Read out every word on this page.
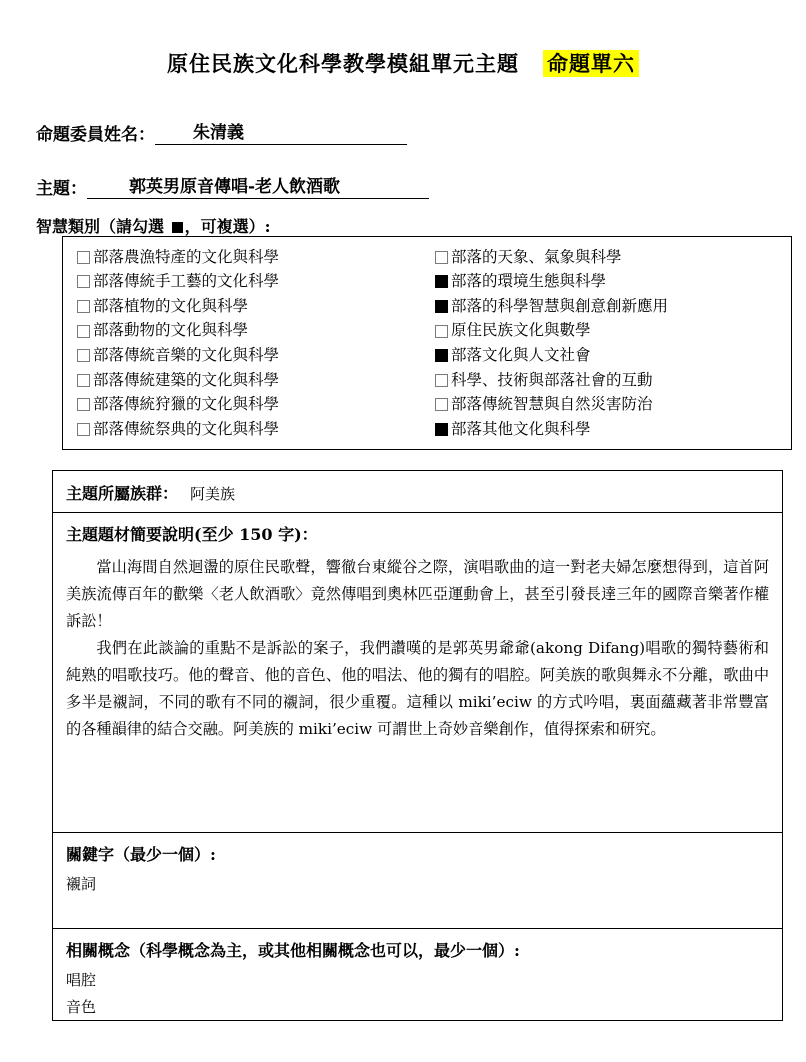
原住民族文化科學教學模組單元主題 命題單六
命題委員姓名：	朱清義
主題：	郭英男原音傳唱-老人飲酒歌
智慧類別（請勾選 ，可複選）:
部落農漁特產的文化與科學
部落傳統手工藝的文化科學
部落植物的文化與科學
部落動物的文化與科學
部落傳統音樂的文化與科學
部落傳統建築的文化與科學
部落傳統狩獵的文化與科學
部落傳統祭典的文化與科學
部落的天象、氣象與科學
部落的環境生態與科學
部落的科學智慧與創意創新應用
原住民族文化與數學
部落文化與人文社會
科學、技術與部落社會的互動
部落傳統智慧與自然災害防治
部落其他文化與科學
主題所屬族群： 阿美族
主題題材簡要說明(至少 150 字)：

當山海間自然迴盪的原住民歌聲，響徹台東縱谷之際，演唱歌曲的這一對老夫婦怎麼想得到，這首阿美族流傳百年的歡樂〈老人飲酒歌〉竟然傳唱到奧林匹亞運動會上，甚至引發長達三年的國際音樂著作權訴訟！

我們在此談論的重點不是訴訟的案子，我們讚嘆的是郭英男爺爺(akong Difang)唱歌的獨特藝術和純熟的唱歌技巧。他的聲音、他的音色、他的唱法、他的獨有的唱腔。阿美族的歌與舞永不分離，歌曲中多半是襯詞，不同的歌有不同的襯詞，很少重覆。這種以 miki’eciw 的方式吟唱，裏面蘊藏著非常豐富的各種韻律的結合交融。阿美族的 miki’eciw 可謂世上奇妙音樂創作，值得探索和研究。

關鍵字（最少一個）:
襯詞
相關概念（科學概念為主，或其他相關概念也可以，最少一個）:
唱腔
音色
